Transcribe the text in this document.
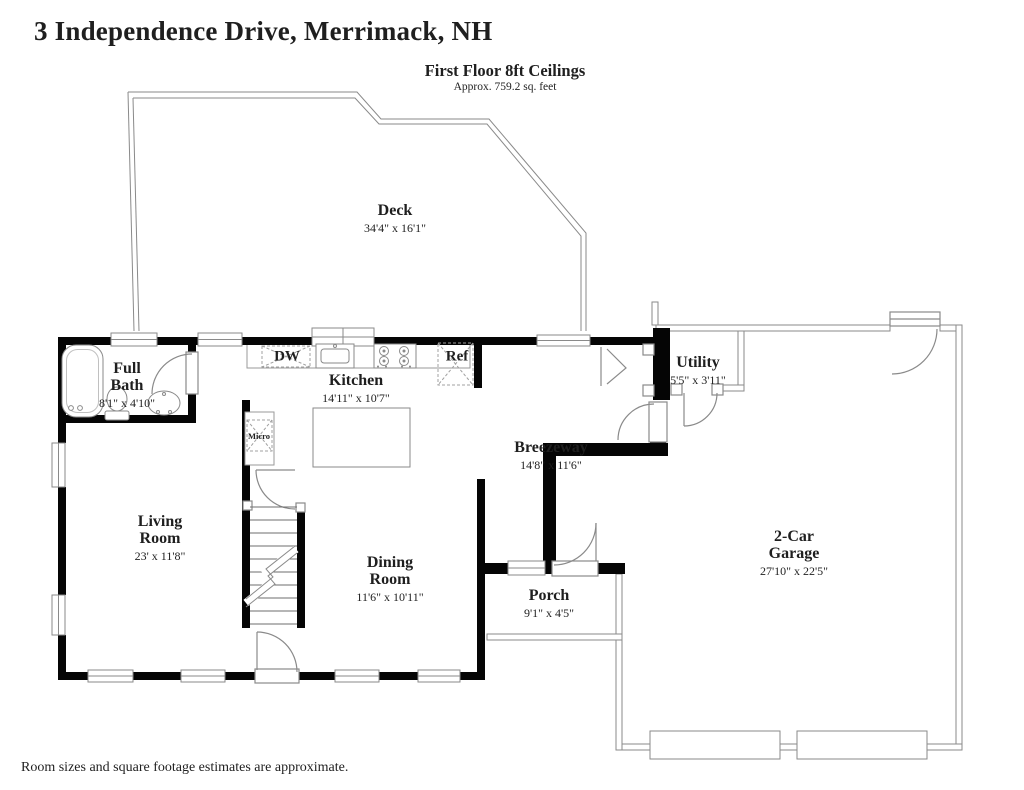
3 Independence Drive, Merrimack, NH
First Floor 8ft Ceilings
Approx. 759.2 sq. feet
Deck
34'4" x 16'1"
Full Bath
8'1" x 4'10"
Kitchen
14'11" x 10'7"
Utility
5'5" x 3'11"
Breezeway
14'8" x 11'6"
Living Room
23' x 11'8"	Dining Room
11'6" x 10'11"	Porch
9'1" x 4'5"
2-Car Garage
27'10" x 22'5"
DW	Ref
Micro
Room sizes and square footage estimates are approximate.
